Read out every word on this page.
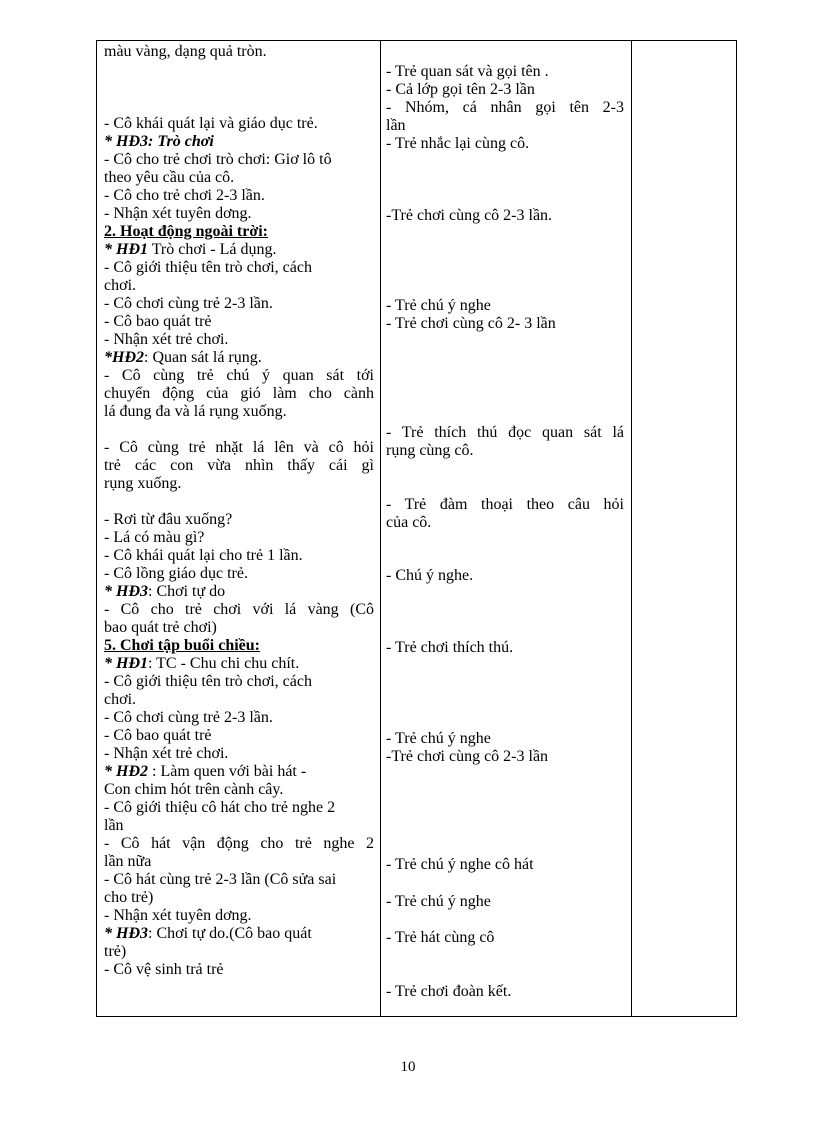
màu vàng, dạng quả tròn.
- Cô khái quát lại và giáo dục trẻ.
* HĐ3: Trò chơi
- Cô cho trẻ chơi trò chơi: Giơ lô tô
theo yêu cầu của cô.
- Cô cho trẻ chơi 2-3 lần.
- Nhận xét tuyên dơng.
2. Hoạt động ngoài trời:
* HĐ1 Trò chơi - Lá dụng.
- Cô giới thiệu tên trò chơi, cách
chơi.
- Cô chơi cùng trẻ 2-3 lần.
- Cô bao quát trẻ
- Nhận xét trẻ chơi.
*HĐ2: Quan sát lá rụng.
- Cô cùng trẻ chú ý quan sát tới
chuyển động của gió làm cho cành
lá đung đa và lá rụng xuống.
- Cô cùng trẻ nhặt lá lên và cô hỏi
trẻ các con vừa nhìn thấy cái gì
rụng xuống.
- Rơi từ đâu xuống?
- Lá có màu gì?
- Cô khái quát lại cho trẻ 1 lần.
- Cô lồng giáo dục trẻ.
* HĐ3: Chơi tự do
- Cô cho trẻ chơi với lá vàng (Cô
bao quát trẻ chơi)
5. Chơi tập buổi chiều:
* HĐ1: TC - Chu chi chu chít.
- Cô giới thiệu tên trò chơi, cách
chơi.
- Cô chơi cùng trẻ 2-3 lần.
- Cô bao quát trẻ
- Nhận xét trẻ chơi.
* HĐ2 : Làm quen với bài hát -
Con chim hót trên cành cây.
- Cô giới thiệu cô hát cho trẻ nghe 2
lần
- Cô hát vận động cho trẻ nghe 2
lần nữa
- Cô hát cùng trẻ 2-3 lần (Cô sửa sai
cho trẻ)
- Nhận xét tuyên dơng.
* HĐ3: Chơi tự do.(Cô bao quát
trẻ)
- Cô vệ sinh trả trẻ
- Trẻ quan sát và gọi tên .
- Cả lớp gọi tên 2-3 lần
- Nhóm, cá nhân gọi tên 2-3
lần
- Trẻ nhắc lại cùng cô.
-Trẻ chơi cùng cô 2-3 lần.
- Trẻ chú ý nghe
- Trẻ chơi cùng cô 2- 3 lần
- Trẻ thích thú đọc quan sát lá
rụng cùng cô.
- Trẻ đàm thoại theo câu hỏi
của cô.
- Chú ý nghe.
- Trẻ chơi thích thú.
- Trẻ chú ý nghe
-Trẻ chơi cùng cô 2-3 lần
- Trẻ chú ý nghe cô hát
- Trẻ chú ý nghe
- Trẻ hát cùng cô
- Trẻ chơi đoàn kết.
10
